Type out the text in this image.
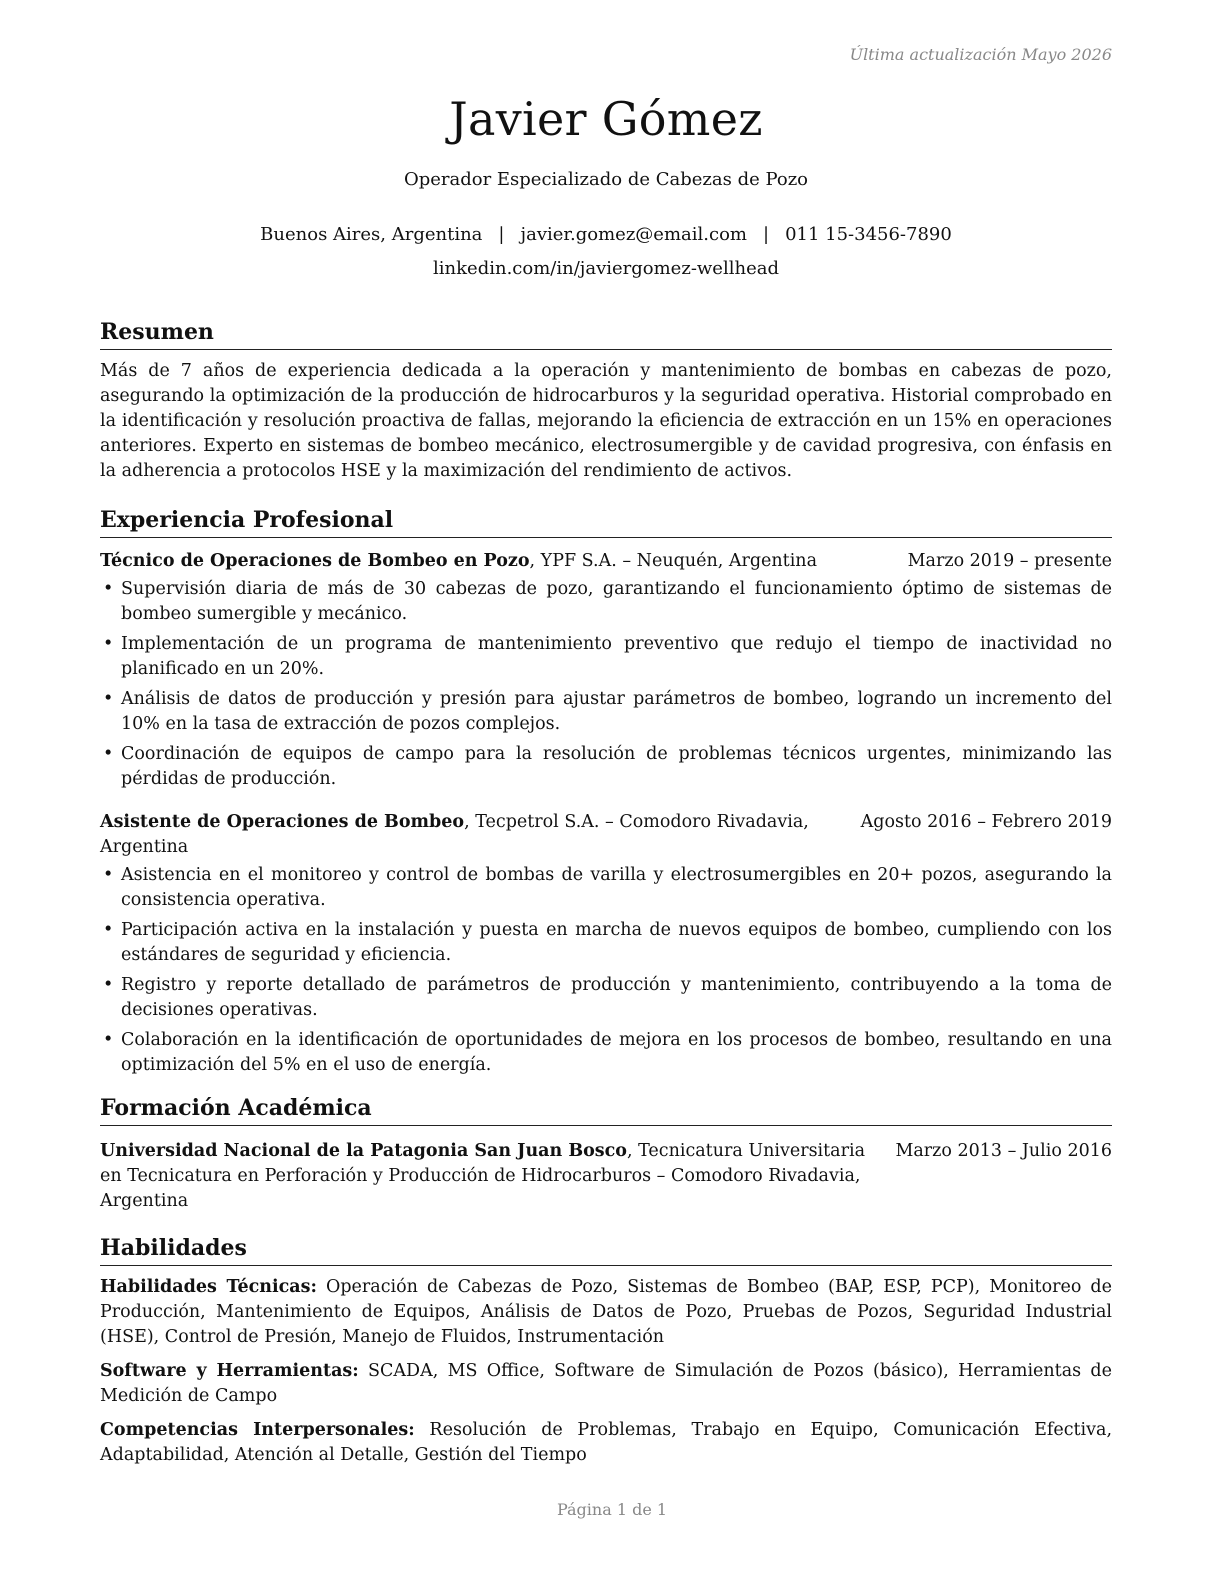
Última actualización Mayo 2026
Javier Gómez
Operador Especializado de Cabezas de Pozo
Buenos Aires, Argentina | javier.gomez@email.com | 011 15-3456-7890
linkedin.com/in/javiergomez-wellhead
Resumen

Más de 7 años de experiencia dedicada a la operación y mantenimiento de bombas en cabezas de pozo, asegurando la optimización de la producción de hidrocarburos y la seguridad operativa. Historial comprobado en la identificación y resolución proactiva de fallas, mejorando la eficiencia de extracción en un 15% en operaciones anteriores. Experto en sistemas de bombeo mecánico, electrosumergible y de cavidad progresiva, con énfasis en la adherencia a protocolos HSE y la maximización del rendimiento de activos.

Experiencia Profesional
Técnico de Operaciones de Bombeo en Pozo, YPF S.A. – Neuquén, Argentina	Marzo 2019 – presente
• Supervisión diaria de más de 30 cabezas de pozo, garantizando el funcionamiento óptimo de sistemas de bombeo sumergible y mecánico.
• Implementación de un programa de mantenimiento preventivo que redujo el tiempo de inactividad no planificado en un 20%.
• Análisis de datos de producción y presión para ajustar parámetros de bombeo, logrando un incremento del 10% en la tasa de extracción de pozos complejos.
• Coordinación de equipos de campo para la resolución de problemas técnicos urgentes, minimizando las pérdidas de producción.
Asistente de Operaciones de Bombeo, Tecpetrol S.A. – Comodoro Rivadavia, Argentina
Agosto 2016 – Febrero 2019
• Asistencia en el monitoreo y control de bombas de varilla y electrosumergibles en 20+ pozos, asegurando la consistencia operativa.
• Participación activa en la instalación y puesta en marcha de nuevos equipos de bombeo, cumpliendo con los estándares de seguridad y eficiencia.
• Registro y reporte detallado de parámetros de producción y mantenimiento, contribuyendo a la toma de decisiones operativas.
• Colaboración en la identificación de oportunidades de mejora en los procesos de bombeo, resultando en una optimización del 5% en el uso de energía.
Formación Académica
Universidad Nacional de la Patagonia San Juan Bosco, Tecnicatura Universitaria en Tecnicatura en Perforación y Producción de Hidrocarburos – Comodoro Rivadavia, Argentina
Marzo 2013 – Julio 2016
Habilidades
Habilidades Técnicas: Operación de Cabezas de Pozo, Sistemas de Bombeo (BAP, ESP, PCP), Monitoreo de Producción, Mantenimiento de Equipos, Análisis de Datos de Pozo, Pruebas de Pozos, Seguridad Industrial (HSE), Control de Presión, Manejo de Fluidos, Instrumentación
Software y Herramientas: SCADA, MS Office, Software de Simulación de Pozos (básico), Herramientas de Medición de Campo
Competencias Interpersonales: Resolución de Problemas, Trabajo en Equipo, Comunicación Efectiva, Adaptabilidad, Atención al Detalle, Gestión del Tiempo
Página 1 de 1
